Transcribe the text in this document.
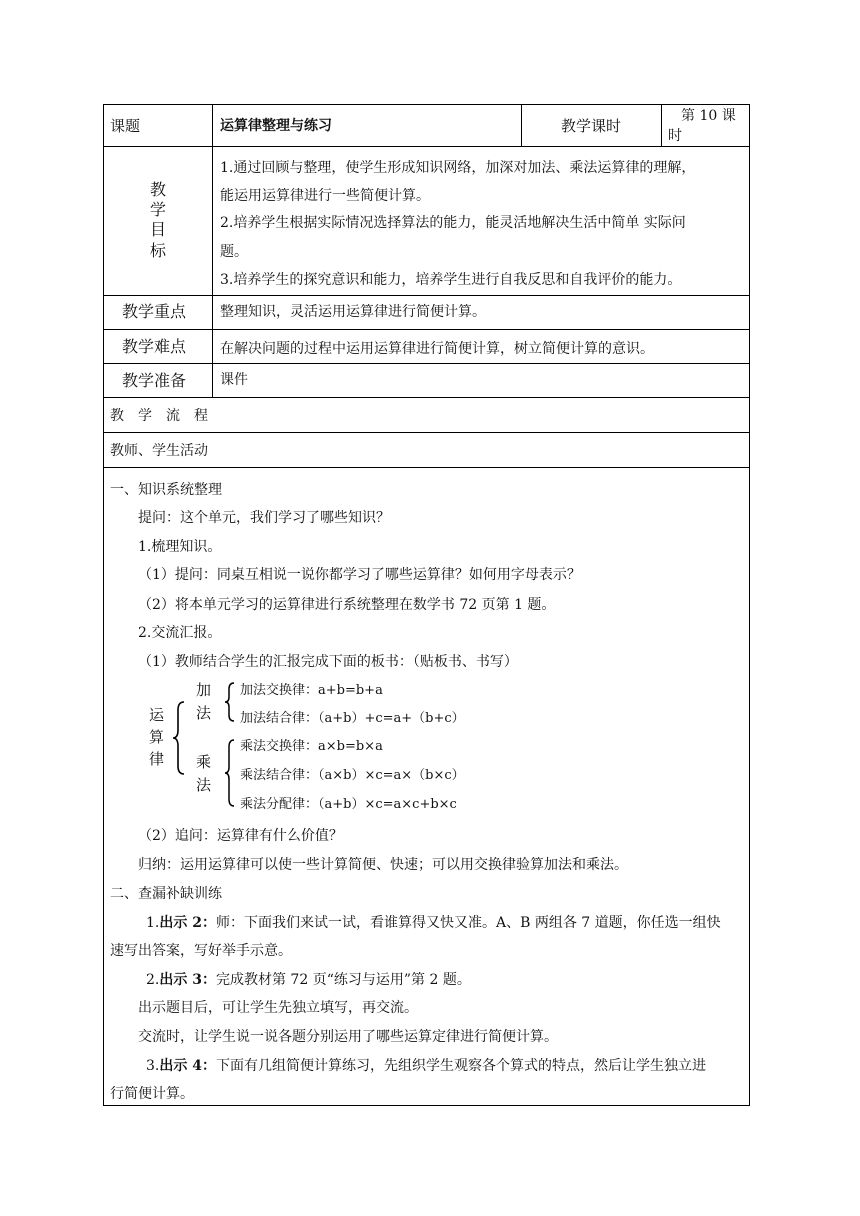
课题	运算律整理与练习	教学课时
第 10 课
时
教
学
目
标
1.通过回顾与整理，使学生形成知识网络，加深对加法、乘法运算律的理解，
能运用运算律进行一些简便计算。
2.培养学生根据实际情况选择算法的能力，能灵活地解决生活中简单 实际问
题。
3.培养学生的探究意识和能力，培养学生进行自我反思和自我评价的能力。
教学重点 整理知识，灵活运用运算律进行简便计算。
教学难点 在解决问题的过程中运用运算律进行简便计算，树立简便计算的意识。
教学准备 课件
教　学　流　程
教师、学生活动
一、知识系统整理
提问：这个单元，我们学习了哪些知识？
1.梳理知识。
（1）提问：同桌互相说一说你都学习了哪些运算律？如何用字母表示？
（2）将本单元学习的运算律进行系统整理在数学书 72 页第 1 题。
2.交流汇报。
（1）教师结合学生的汇报完成下面的板书：（贴板书、书写）
运
算
律
加
法
加法交换律：a+b=b+a
加法结合律：（a+b）+c=a+（b+c）
乘
法
乘法交换律：a×b=b×a
乘法结合律：（a×b）×c=a×（b×c）
乘法分配律：（a+b）×c=a×c+b×c
（2）追问：运算律有什么价值？
归纳：运用运算律可以使一些计算简便、快速；可以用交换律验算加法和乘法。
二、查漏补缺训练
1.出示 2：师：下面我们来试一试，看谁算得又快又准。A、B 两组各 7 道题，你任选一组快
速写出答案，写好举手示意。
2.出示 3：完成教材第 72 页“练习与运用”第 2 题。
出示题目后，可让学生先独立填写，再交流。
交流时，让学生说一说各题分别运用了哪些运算定律进行简便计算。
3.出示 4：下面有几组简便计算练习，先组织学生观察各个算式的特点，然后让学生独立进
行简便计算。
